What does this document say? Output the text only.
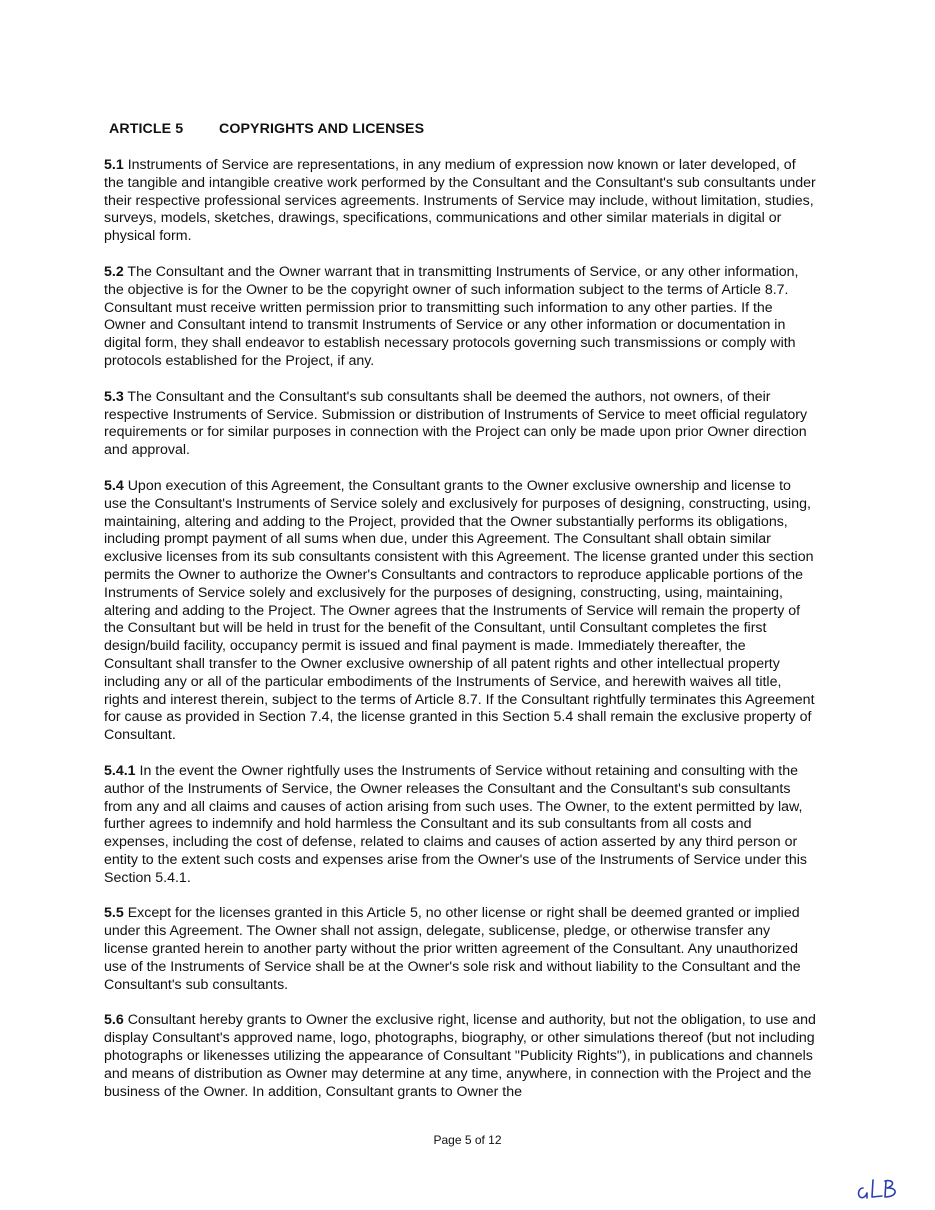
ARTICLE 5	COPYRIGHTS AND LICENSES

5.1 Instruments of Service are representations, in any medium of expression now known or later developed, of the tangible and intangible creative work performed by the Consultant and the Consultant's sub consultants under their respective professional services agreements. Instruments of Service may include, without limitation, studies, surveys, models, sketches, drawings, specifications, communications and other similar materials in digital or physical form.

5.2 The Consultant and the Owner warrant that in transmitting Instruments of Service, or any other information, the objective is for the Owner to be the copyright owner of such information subject to the terms of Article 8.7. Consultant must receive written permission prior to transmitting such information to any other parties. If the Owner and Consultant intend to transmit Instruments of Service or any other information or documentation in digital form, they shall endeavor to establish necessary protocols governing such transmissions or comply with protocols established for the Project, if any.

5.3 The Consultant and the Consultant's sub consultants shall be deemed the authors, not owners, of their respective Instruments of Service. Submission or distribution of Instruments of Service to meet official regulatory requirements or for similar purposes in connection with the Project can only be made upon prior Owner direction and approval.

5.4 Upon execution of this Agreement, the Consultant grants to the Owner exclusive ownership and license to use the Consultant's Instruments of Service solely and exclusively for purposes of designing, constructing, using, maintaining, altering and adding to the Project, provided that the Owner substantially performs its obligations, including prompt payment of all sums when due, under this Agreement. The Consultant shall obtain similar exclusive licenses from its sub consultants consistent with this Agreement. The license granted under this section permits the Owner to authorize the Owner's Consultants and contractors to reproduce applicable portions of the Instruments of Service solely and exclusively for the purposes of designing, constructing, using, maintaining, altering and adding to the Project. The Owner agrees that the Instruments of Service will remain the property of the Consultant but will be held in trust for the benefit of the Consultant, until Consultant completes the first design/build facility, occupancy permit is issued and final payment is made. Immediately thereafter, the Consultant shall transfer to the Owner exclusive ownership of all patent rights and other intellectual property including any or all of the particular embodiments of the Instruments of Service, and herewith waives all title, rights and interest therein, subject to the terms of Article 8.7. If the Consultant rightfully terminates this Agreement for cause as provided in Section 7.4, the license granted in this Section 5.4 shall remain the exclusive property of Consultant.

5.4.1 In the event the Owner rightfully uses the Instruments of Service without retaining and consulting with the author of the Instruments of Service, the Owner releases the Consultant and the Consultant's sub consultants from any and all claims and causes of action arising from such uses. The Owner, to the extent permitted by law, further agrees to indemnify and hold harmless the Consultant and its sub consultants from all costs and expenses, including the cost of defense, related to claims and causes of action asserted by any third person or entity to the extent such costs and expenses arise from the Owner's use of the Instruments of Service under this Section 5.4.1.

5.5 Except for the licenses granted in this Article 5, no other license or right shall be deemed granted or implied under this Agreement. The Owner shall not assign, delegate, sublicense, pledge, or otherwise transfer any license granted herein to another party without the prior written agreement of the Consultant. Any unauthorized use of the Instruments of Service shall be at the Owner's sole risk and without liability to the Consultant and the Consultant's sub consultants.

5.6 Consultant hereby grants to Owner the exclusive right, license and authority, but not the obligation, to use and display Consultant's approved name, logo, photographs, biography, or other simulations thereof (but not including photographs or likenesses utilizing the appearance of Consultant "Publicity Rights"), in publications and channels and means of distribution as Owner may determine at any time, anywhere, in connection with the Project and the business of the Owner. In addition, Consultant grants to Owner the

Page 5 of 12
